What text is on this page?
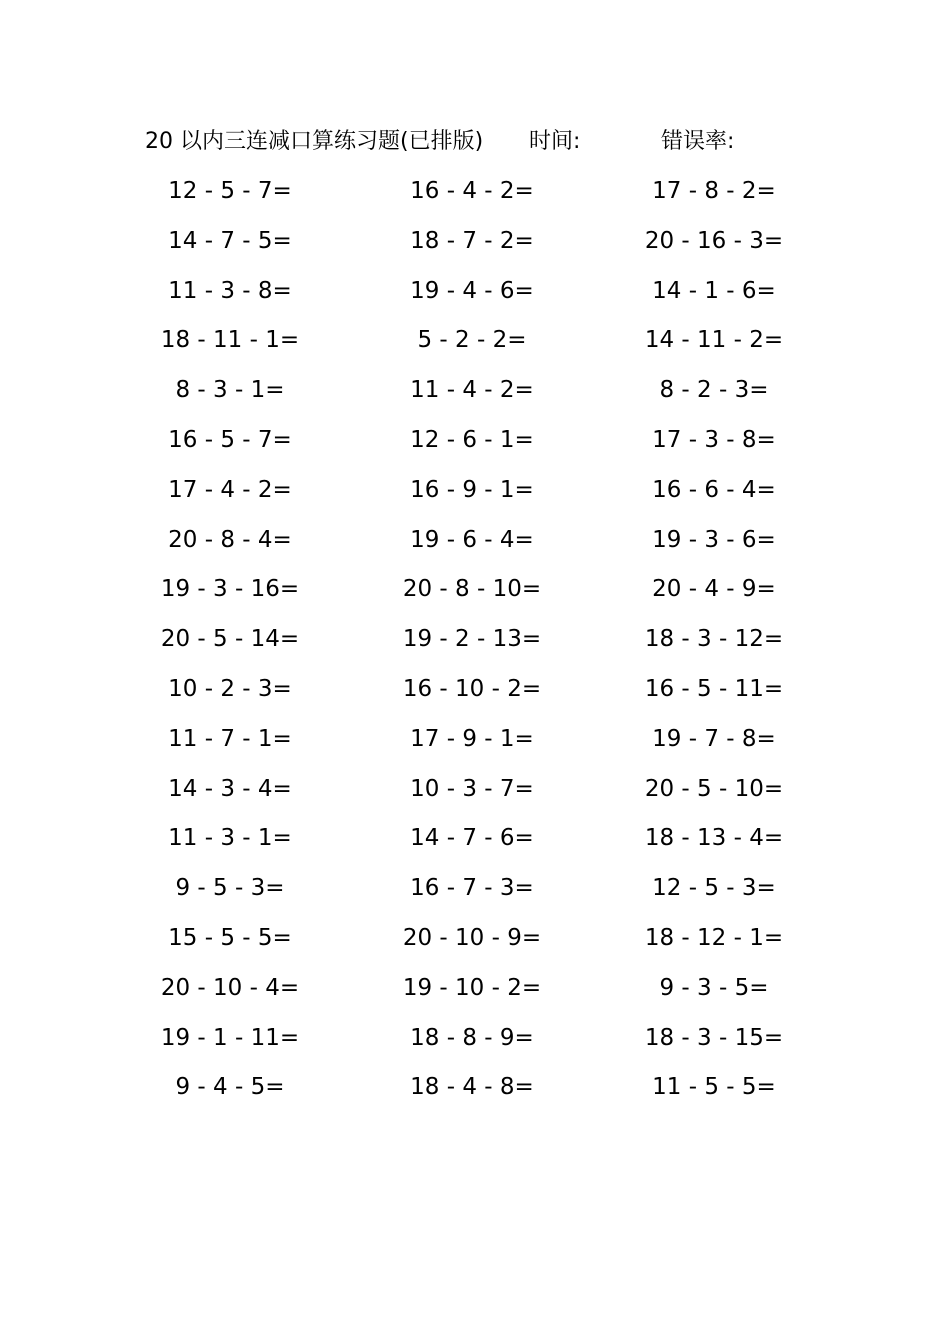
20 以内三连减口算练习题(已排版) 时间:	错误率:
12 - 5 - 7=	16 - 4 - 2=	17 - 8 - 2=
14 - 7 - 5=	18 - 7 - 2=	20 - 16 - 3=
11 - 3 - 8=	19 - 4 - 6=	14 - 1 - 6=
18 - 11 - 1=	5 - 2 - 2=	14 - 11 - 2=
8 - 3 - 1=	11 - 4 - 2=	8 - 2 - 3=
16 - 5 - 7=	12 - 6 - 1=	17 - 3 - 8=
17 - 4 - 2=	16 - 9 - 1=	16 - 6 - 4=
20 - 8 - 4=	19 - 6 - 4=	19 - 3 - 6=
19 - 3 - 16=	20 - 8 - 10=	20 - 4 - 9=
20 - 5 - 14=	19 - 2 - 13=	18 - 3 - 12=
10 - 2 - 3=	16 - 10 - 2=	16 - 5 - 11=
11 - 7 - 1=	17 - 9 - 1=	19 - 7 - 8=
14 - 3 - 4=	10 - 3 - 7=	20 - 5 - 10=
11 - 3 - 1=	14 - 7 - 6=	18 - 13 - 4=
9 - 5 - 3=	16 - 7 - 3=	12 - 5 - 3=
15 - 5 - 5=	20 - 10 - 9=	18 - 12 - 1=
20 - 10 - 4=	19 - 10 - 2=	9 - 3 - 5=
19 - 1 - 11=	18 - 8 - 9=	18 - 3 - 15=
9 - 4 - 5=	18 - 4 - 8=	11 - 5 - 5=
